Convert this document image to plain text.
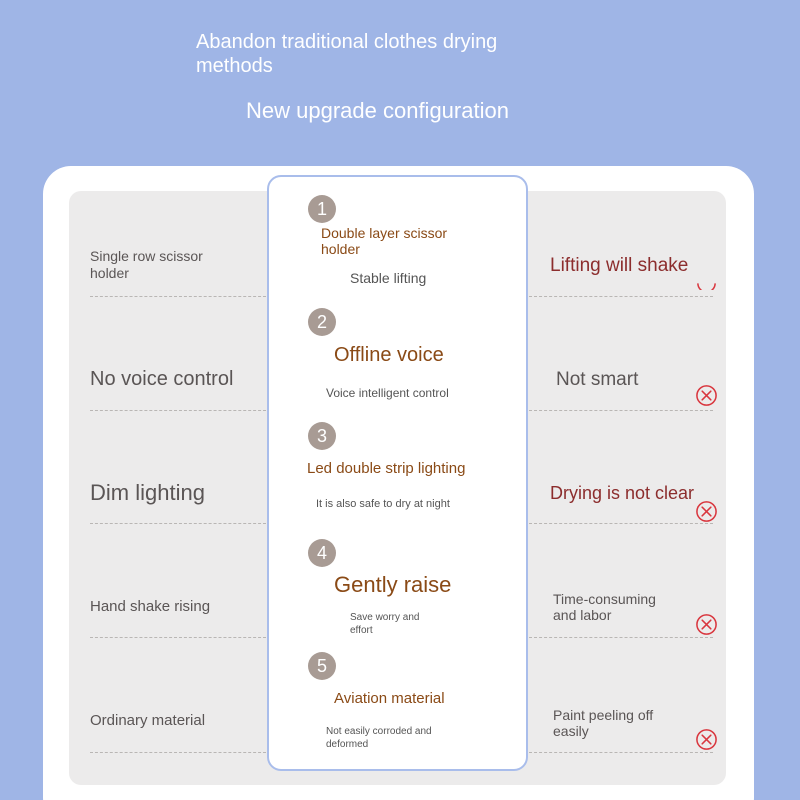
Abandon traditional clothes drying methods
New upgrade configuration
Single row scissor holder
No voice control
Dim lighting
Hand shake rising
Ordinary material
Lifting will shake
Not smart
Drying is not clear
Time-consuming and labor
Paint peeling off easily
1
Double layer scissor holder
Stable lifting
2
Offline voice
Voice intelligent control
3
Led double strip lighting
It is also safe to dry at night
4
Gently raise
Save worry and effort
5
Aviation material
Not easily corroded and deformed
